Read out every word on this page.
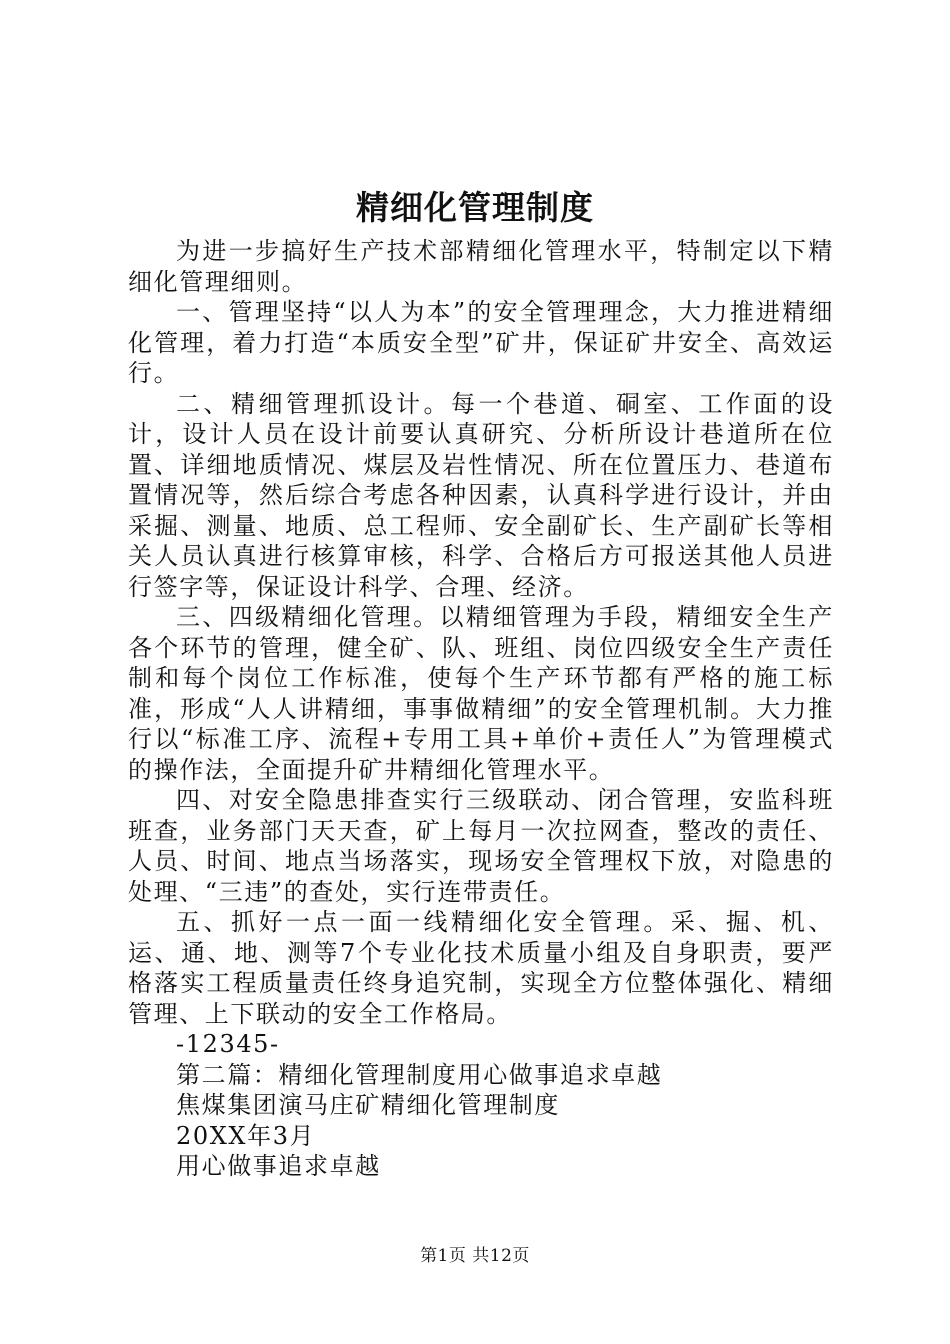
精细化管理制度

为进一步搞好生产技术部精细化管理水平，特制定以下精细化管理细则。

一、管理坚持“以人为本”的安全管理理念，大力推进精细化管理，着力打造“本质安全型”矿井，保证矿井安全、高效运行。

二、精细管理抓设计。每一个巷道、硐室、工作面的设计，设计人员在设计前要认真研究、分析所设计巷道所在位置、详细地质情况、煤层及岩性情况、所在位置压力、巷道布置情况等，然后综合考虑各种因素，认真科学进行设计，并由采掘、测量、地质、总工程师、安全副矿长、生产副矿长等相关人员认真进行核算审核，科学、合格后方可报送其他人员进行签字等，保证设计科学、合理、经济。

三、四级精细化管理。以精细管理为手段，精细安全生产各个环节的管理，健全矿、队、班组、岗位四级安全生产责任制和每个岗位工作标准，使每个生产环节都有严格的施工标准，形成“人人讲精细，事事做精细”的安全管理机制。大力推行以“标准工序、流程+专用工具+单价+责任人”为管理模式的操作法，全面提升矿井精细化管理水平。

四、对安全隐患排查实行三级联动、闭合管理，安监科班班查，业务部门天天查，矿上每月一次拉网查，整改的责任、人员、时间、地点当场落实，现场安全管理权下放，对隐患的处理、“三违”的查处，实行连带责任。

五、抓好一点一面一线精细化安全管理。采、掘、机、运、通、地、测等7个专业化技术质量小组及自身职责，要严格落实工程质量责任终身追究制，实现全方位整体强化、精细管理、上下联动的安全工作格局。

-12345-

第二篇：精细化管理制度用心做事追求卓越

焦煤集团演马庄矿精细化管理制度

20XX年3月

用心做事追求卓越

第1页 共12页
